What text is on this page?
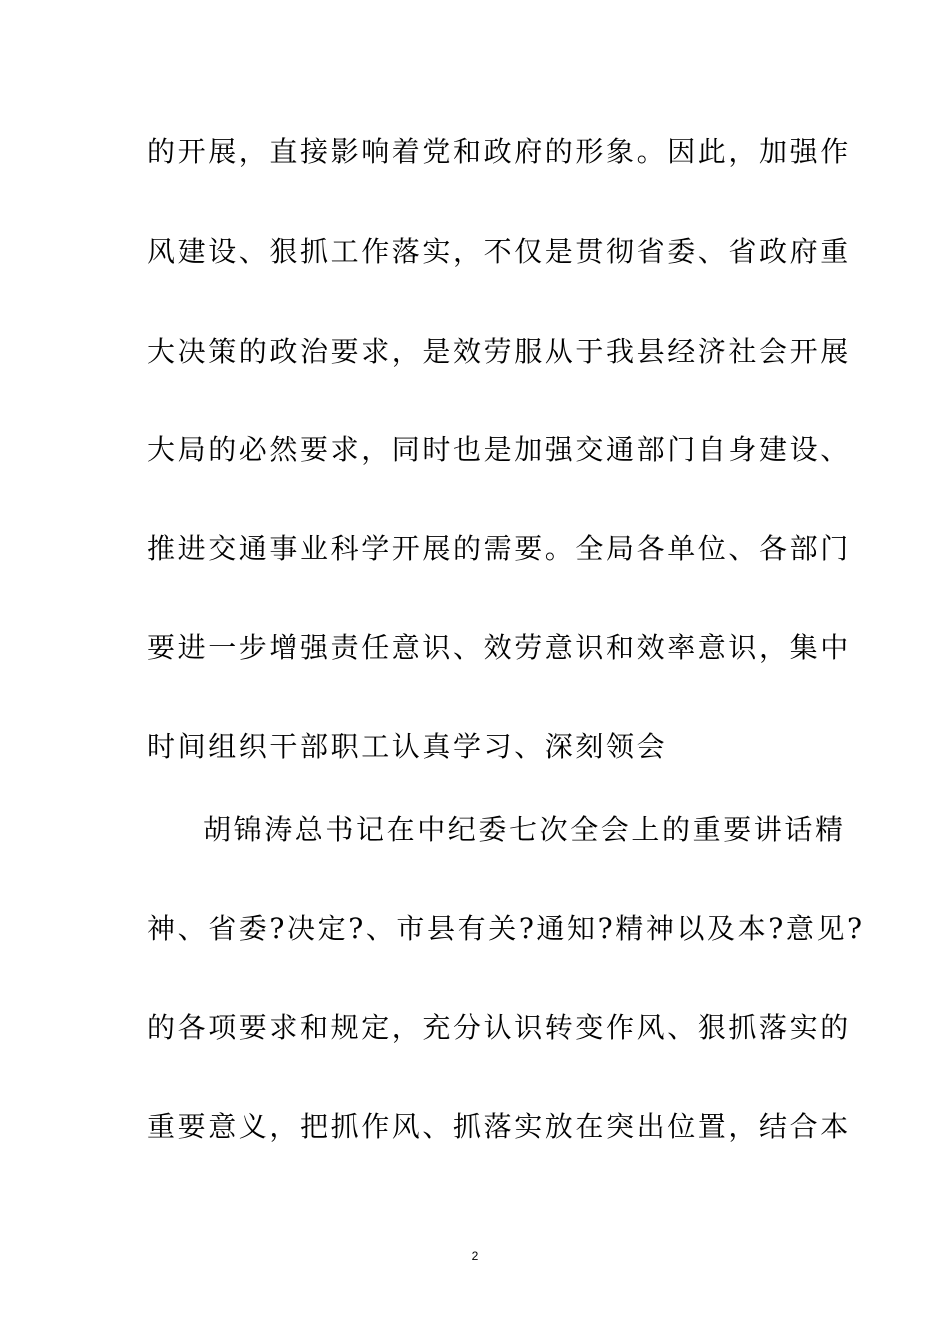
的开展，直接影响着党和政府的形象。因此，加强作
风建设、狠抓工作落实，不仅是贯彻省委、省政府重
大决策的政治要求，是效劳服从于我县经济社会开展
大局的必然要求，同时也是加强交通部门自身建设、
推进交通事业科学开展的需要。全局各单位、各部门
要进一步增强责任意识、效劳意识和效率意识，集中
时间组织干部职工认真学习、深刻领会
胡锦涛总书记在中纪委七次全会上的重要讲话精
神、省委?决定?、市县有关?通知?精神以及本?意见?
的各项要求和规定，充分认识转变作风、狠抓落实的
重要意义，把抓作风、抓落实放在突出位置，结合本
2
